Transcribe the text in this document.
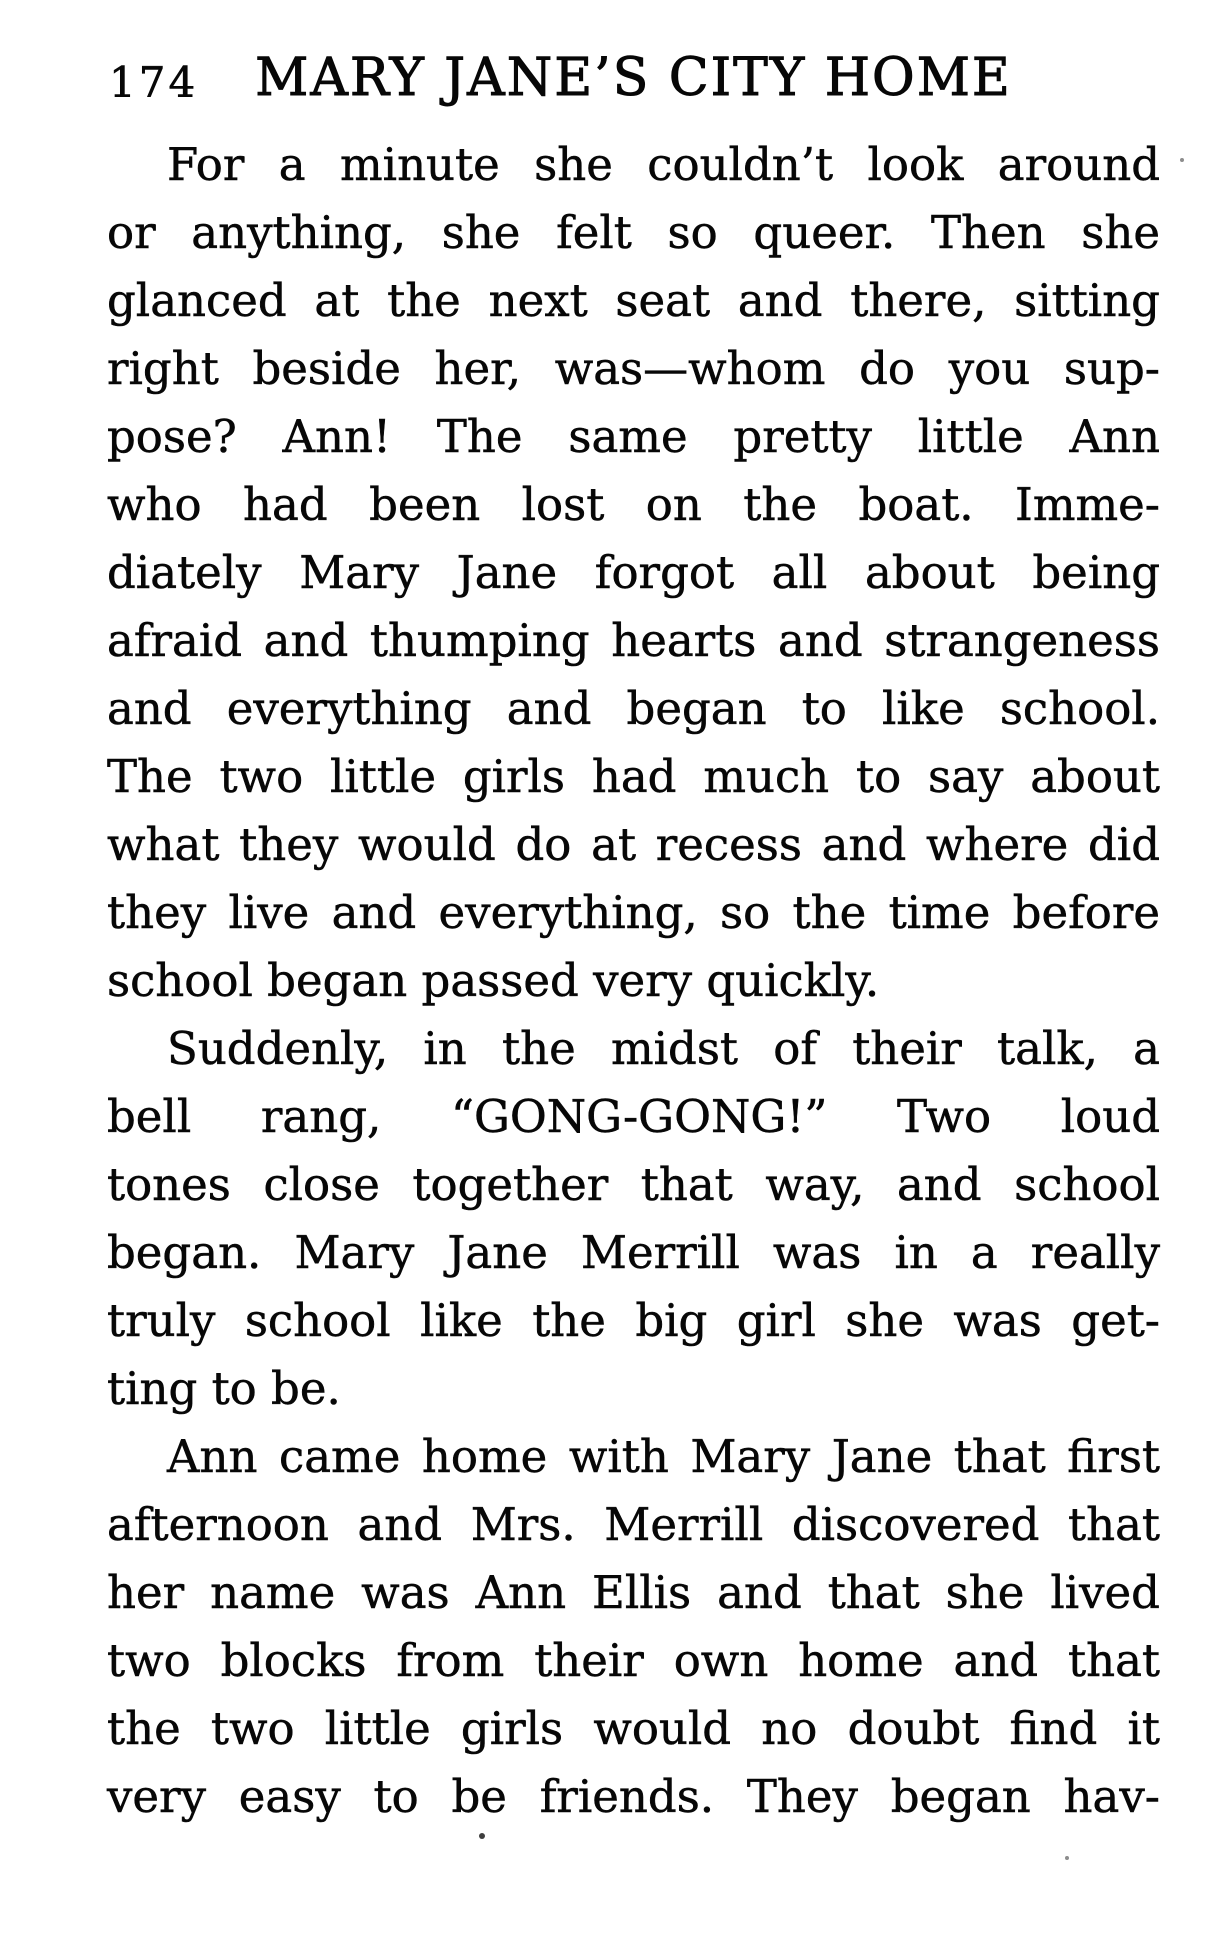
174	MARY JANE’S CITY HOME
For a minute she couldn’t look around
or anything, she felt so queer. Then she
glanced at the next seat and there, sitting
right beside her, was—whom do you sup-
pose? Ann! The same pretty little Ann
who had been lost on the boat. Imme-
diately Mary Jane forgot all about being
afraid and thumping hearts and strangeness
and everything and began to like school.
The two little girls had much to say about
what they would do at recess and where did
they live and everything, so the time before
school began passed very quickly.
Suddenly, in the midst of their talk, a
bell rang, “GONG-GONG!” Two loud
tones close together that way, and school
began. Mary Jane Merrill was in a really
truly school like the big girl she was get-
ting to be.
Ann came home with Mary Jane that first
afternoon and Mrs. Merrill discovered that
her name was Ann Ellis and that she lived
two blocks from their own home and that
the two little girls would no doubt find it
very easy to be friends. They began hav-
